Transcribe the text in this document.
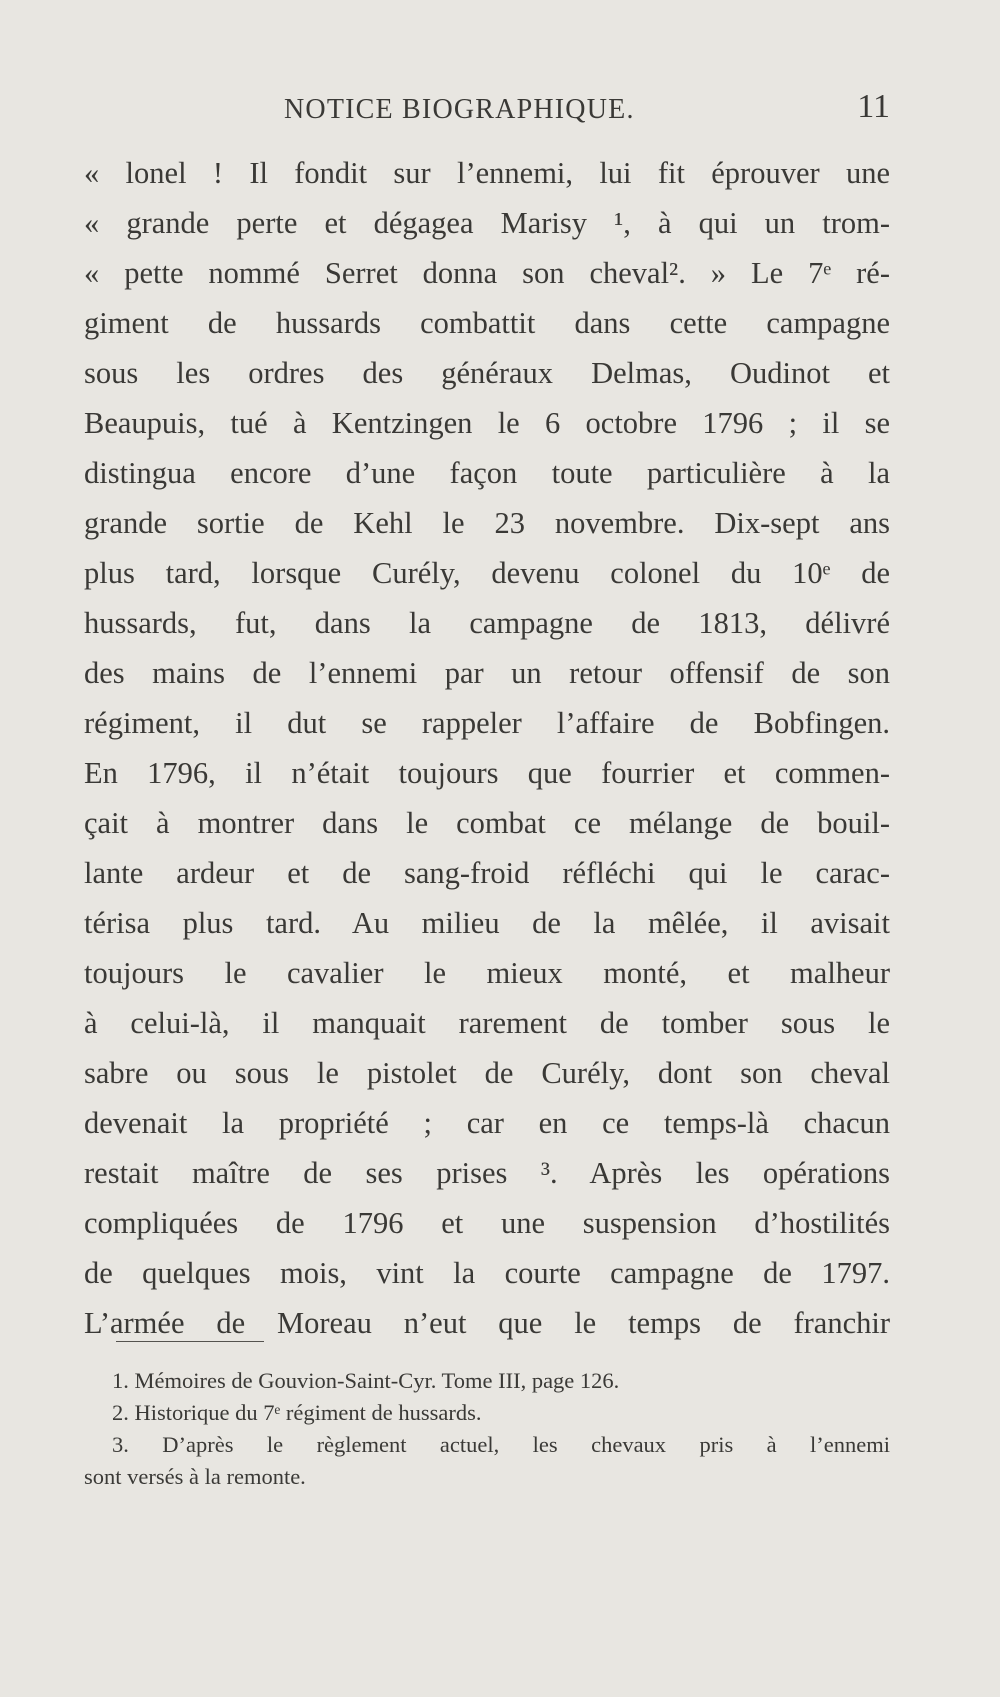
NOTICE BIOGRAPHIQUE.	11
« lonel ! Il fondit sur l’ennemi, lui fit éprouver une
« grande perte et dégagea Marisy ¹, à qui un trom-
« pette nommé Serret donna son cheval². » Le 7ᵉ ré-
giment de hussards combattit dans cette campagne
sous les ordres des généraux Delmas, Oudinot et
Beaupuis, tué à Kentzingen le 6 octobre 1796 ; il se
distingua encore d’une façon toute particulière à la
grande sortie de Kehl le 23 novembre. Dix-sept ans
plus tard, lorsque Curély, devenu colonel du 10ᵉ de
hussards, fut, dans la campagne de 1813, délivré
des mains de l’ennemi par un retour offensif de son
régiment, il dut se rappeler l’affaire de Bobfingen.
En 1796, il n’était toujours que fourrier et commen-
çait à montrer dans le combat ce mélange de bouil-
lante ardeur et de sang-froid réfléchi qui le carac-
térisa plus tard. Au milieu de la mêlée, il avisait
toujours le cavalier le mieux monté, et malheur
à celui-là, il manquait rarement de tomber sous le
sabre ou sous le pistolet de Curély, dont son cheval
devenait la propriété ; car en ce temps-là chacun
restait maître de ses prises ³. Après les opérations
compliquées de 1796 et une suspension d’hostilités
de quelques mois, vint la courte campagne de 1797.
L’armée de Moreau n’eut que le temps de franchir
1. Mémoires de Gouvion-Saint-Cyr. Tome III, page 126.
2. Historique du 7ᵉ régiment de hussards.
3. D’après le règlement actuel, les chevaux pris à l’ennemi
sont versés à la remonte.
